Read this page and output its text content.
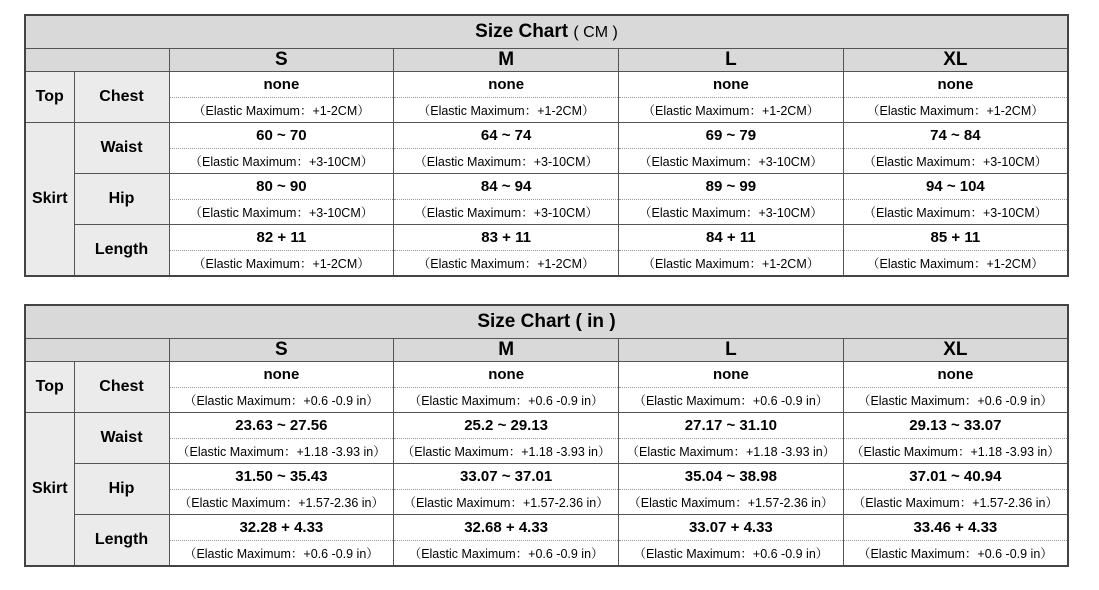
Size Chart ( CM )					
		S	M	L	XL
Top	Chest	none	none	none	none
		（Elastic Maximum：+1-2CM）	（Elastic Maximum：+1-2CM）	（Elastic Maximum：+1-2CM）	（Elastic Maximum：+1-2CM）
Skirt	Waist	60 ~ 70	64 ~ 74	69 ~ 79	74 ~ 84
		（Elastic Maximum：+3-10CM）	（Elastic Maximum：+3-10CM）	（Elastic Maximum：+3-10CM）	（Elastic Maximum：+3-10CM）
	Hip	80 ~ 90	84 ~ 94	89 ~ 99	94 ~ 104
		（Elastic Maximum：+3-10CM）	（Elastic Maximum：+3-10CM）	（Elastic Maximum：+3-10CM）	（Elastic Maximum：+3-10CM）
	Length	82 + 11	83 + 11	84 + 11	85 + 11
		（Elastic Maximum：+1-2CM）	（Elastic Maximum：+1-2CM）	（Elastic Maximum：+1-2CM）	（Elastic Maximum：+1-2CM）
Size Chart ( in )					
		S	M	L	XL
Top	Chest	none	none	none	none
		（Elastic Maximum：+0.6 -0.9 in）	（Elastic Maximum：+0.6 -0.9 in）	（Elastic Maximum：+0.6 -0.9 in）	（Elastic Maximum：+0.6 -0.9 in）
Skirt	Waist	23.63 ~ 27.56	25.2 ~ 29.13	27.17 ~ 31.10	29.13 ~ 33.07
		（Elastic Maximum：+1.18 -3.93 in）	（Elastic Maximum：+1.18 -3.93 in）	（Elastic Maximum：+1.18 -3.93 in）	（Elastic Maximum：+1.18 -3.93 in）
	Hip	31.50 ~ 35.43	33.07 ~ 37.01	35.04 ~ 38.98	37.01 ~ 40.94
		（Elastic Maximum：+1.57-2.36 in）	（Elastic Maximum：+1.57-2.36 in）	（Elastic Maximum：+1.57-2.36 in）	（Elastic Maximum：+1.57-2.36 in）
	Length	32.28 + 4.33	32.68 + 4.33	33.07 + 4.33	33.46 + 4.33
		（Elastic Maximum：+0.6 -0.9 in）	（Elastic Maximum：+0.6 -0.9 in）	（Elastic Maximum：+0.6 -0.9 in）	（Elastic Maximum：+0.6 -0.9 in）
